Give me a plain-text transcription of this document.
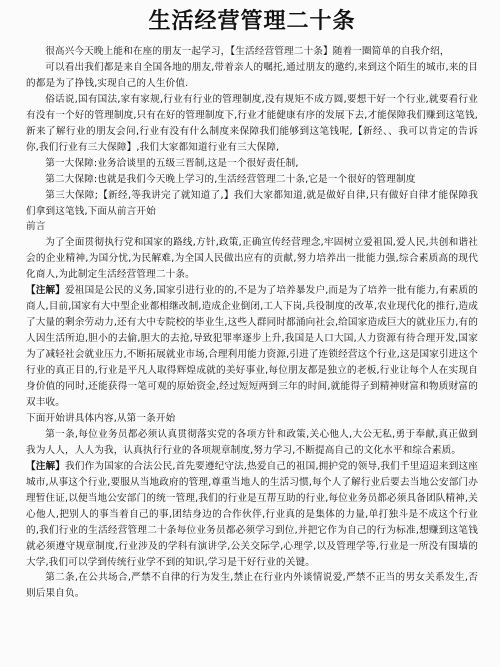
生活经营管理二十条

很高兴今天晚上能和在座的朋友一起学习，【生活经营管理二十条】随着一圈简单的自我介绍，

可以看出我们都是来自全国各地的朋友,带着亲人的嘱托,通过朋友的邀约,来到这个陌生的城市,来的目的都是为了挣钱,实现自己的人生价值.

俗话说,国有国法,家有家规,行业有行业的管理制度,没有规矩不成方圆,要想干好一个行业,就要看行业有没有一个好的管理制度,只有在好的管理制度下,行业才能健康有序的发展下去,才能保障我们赚到这笔钱,新来了解行业的朋友会问,行业有没有什么制度来保障我们能够到这笔钱呢,【新经、、我可以肯定的告诉你,我们行业有三大保障】,我们大家都知道行业有三大保障,

第一大保障:业务洽谈里的五级三晋制,这是一个很好责任制,

第二大保障:也就是我们今天晚上学习的,生活经营管理二十条,它是一个很好的管理制度

第三大保障;【新经,等我讲完了就知道了,】我们大家都知道,就是做好自律,只有做好自律才能保障我们拿到这笔钱,下面从前言开始

前言

为了全面贯彻执行党和国家的路线,方针,政策,正确宣传经营理念,牢固树立爱祖国,爱人民,共创和谐社会的企业精神,为国分忧,为民解难,为全国人民做出应有的贡献,努力培养出一批能力强,综合素质高的现代化商人,为此制定生活经营管理二十条。

【注解】爱祖国是公民的义务,国家引进行业的的,不是为了培养暴发户,而是为了培养一批有能力,有素质的商人,目前,国家有大中型企业都相继改制,造成企业倒闭,工人下岗,兵役制度的改革,农业现代化的推行,造成了大量的剩余劳动力,还有大中专院校的毕业生,这些人群同时都涌向社会,给国家造成巨大的就业压力,有的人因生活所迫,胆小的去偷,胆大的去抢,导致犯罪率逐步上升,我国是人口大国,人力资源有待合理开发,国家为了减轻社会就业压力,不断拓展就业市场,合理利用能力资源,引进了连锁经营这个行业,这是国家引进这个行业的真正目的,行业是平凡人取得辉煌成就的美好事业,每位朋友都是独立的老板,行业让每个人在实现自身价值的同时,还能获得一笔可观的原始资金,经过短短两到三年的时间,就能得子到精神财富和物质财富的双丰收。

下面开始讲具体内容,从第一条开始

第一条,每位业务员都必须认真贯彻落实党的各项方针和政策,关心他人,大公无私,勇于奉献,真正做到我为人人，人人为我，认真执行行业的各项规章制度,努力学习,不断提高自己的文化水平和综合素质。

【注解】我们作为国家的合法公民,首先要遵纪守法,热爱自己的祖国,拥护党的领导,我们千里迢迢来到这座城市,从事这个行业,要服从当地政府的管理,尊重当地人的生活习惯,每个人了解行业后要去当地公安部门办理暂住证,以便当地公安部门的统一管理,我们的行业是互帮互助的行业,每位业务员都必须具备团队精神,关心他人,把别人的事当着自己的事,团结身边的合作伙伴,行业真的是集体的力量,单打独斗是不成这个行业的,我们行业的生活经营管理二十条每位业务员都必须学习到位,并把它作为自己的行为标准,想赚到这笔钱就必须遵守规章制度,行业涉及的学科有演讲学,公关交际学,心理学,以及管理学等,行业是一所没有围墙的大学,我们可以学到传统行业学不到的知识,学习是干好行业的关键。

第二条,在公共场合,严禁不自律的行为发生,禁止在行业内外谈情说爱,严禁不正当的男女关系发生,否则后果自负。
